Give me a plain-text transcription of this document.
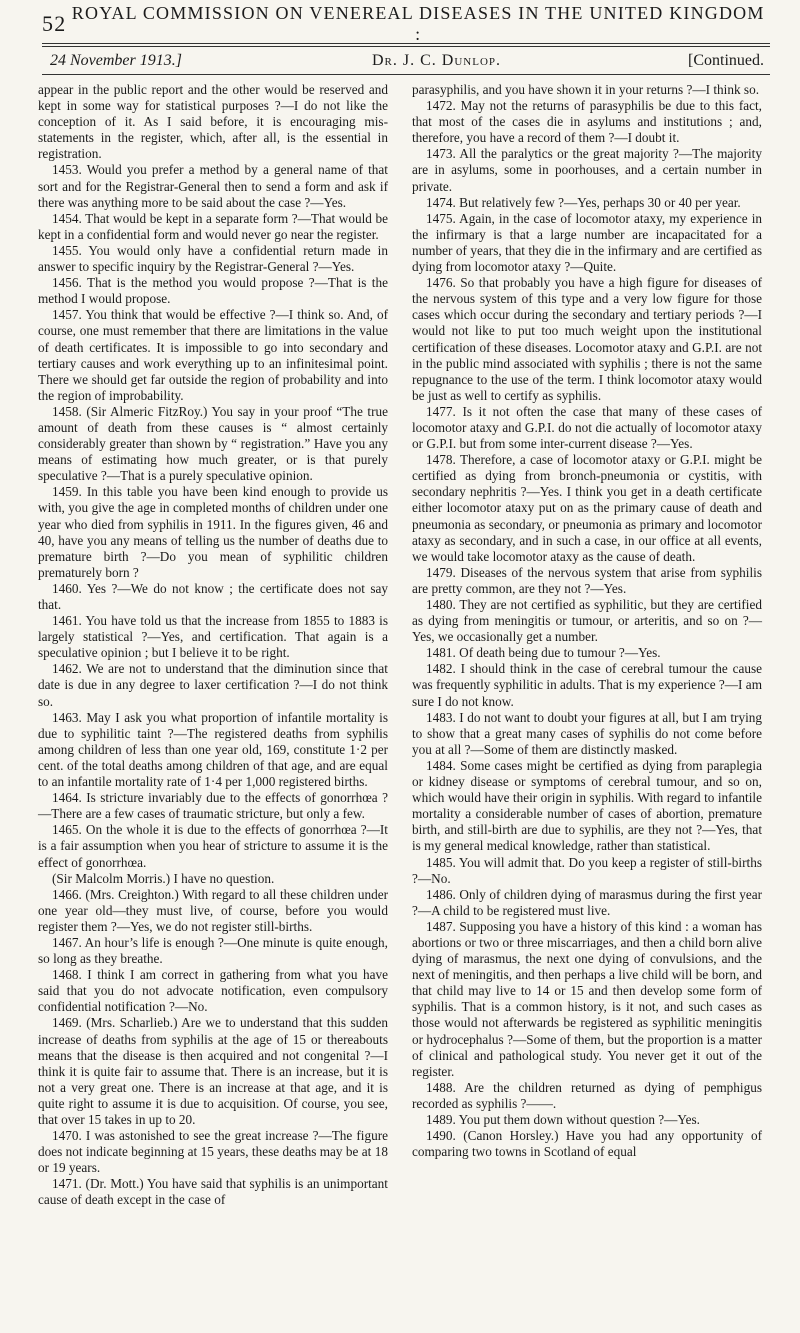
52 ROYAL COMMISSION ON VENEREAL DISEASES IN THE UNITED KINGDOM :
24 November 1913.]	Dr. J. C. Dunlop.	[Continued.

appear in the public report and the other would be reserved and kept in some way for statistical purposes ?—I do not like the conception of it. As I said before, it is encouraging mis-statements in the register, which, after all, is the essential in registration.

1453. Would you prefer a method by a general name of that sort and for the Registrar-General then to send a form and ask if there was anything more to be said about the case ?—Yes.

1454. That would be kept in a separate form ?—That would be kept in a confidential form and would never go near the register.

1455. You would only have a confidential return made in answer to specific inquiry by the Registrar-General ?—Yes.

1456. That is the method you would propose ?—That is the method I would propose.

1457. You think that would be effective ?—I think so. And, of course, one must remember that there are limitations in the value of death certificates. It is impossible to go into secondary and tertiary causes and work everything up to an infinitesimal point. There we should get far outside the region of probability and into the region of improbability.

1458. (Sir Almeric FitzRoy.) You say in your proof “The true amount of death from these causes is “ almost certainly considerably greater than shown by “ registration.” Have you any means of estimating how much greater, or is that purely speculative ?—That is a purely speculative opinion.

1459. In this table you have been kind enough to provide us with, you give the age in completed months of children under one year who died from syphilis in 1911. In the figures given, 46 and 40, have you any means of telling us the number of deaths due to premature birth ?—Do you mean of syphilitic children prematurely born ?

1460. Yes ?—We do not know ; the certificate does not say that.

1461. You have told us that the increase from 1855 to 1883 is largely statistical ?—Yes, and certification. That again is a speculative opinion ; but I believe it to be right.

1462. We are not to understand that the diminution since that date is due in any degree to laxer certification ?—I do not think so.

1463. May I ask you what proportion of infantile mortality is due to syphilitic taint ?—The registered deaths from syphilis among children of less than one year old, 169, constitute 1·2 per cent. of the total deaths among children of that age, and are equal to an infantile mortality rate of 1·4 per 1,000 registered births.

1464. Is stricture invariably due to the effects of gonorrhœa ?—There are a few cases of traumatic stricture, but only a few.

1465. On the whole it is due to the effects of gonorrhœa ?—It is a fair assumption when you hear of stricture to assume it is the effect of gonorrhœa.

(Sir Malcolm Morris.) I have no question.

1466. (Mrs. Creighton.) With regard to all these children under one year old—they must live, of course, before you would register them ?—Yes, we do not register still-births.

1467. An hour’s life is enough ?—One minute is quite enough, so long as they breathe.

1468. I think I am correct in gathering from what you have said that you do not advocate notification, even compulsory confidential notification ?—No.

1469. (Mrs. Scharlieb.) Are we to understand that this sudden increase of deaths from syphilis at the age of 15 or thereabouts means that the disease is then acquired and not congenital ?—I think it is quite fair to assume that. There is an increase, but it is not a very great one. There is an increase at that age, and it is quite right to assume it is due to acquisition. Of course, you see, that over 15 takes in up to 20.

1470. I was astonished to see the great increase ?—The figure does not indicate beginning at 15 years, these deaths may be at 18 or 19 years.

1471. (Dr. Mott.) You have said that syphilis is an unimportant cause of death except in the case of

parasyphilis, and you have shown it in your returns ?—I think so.

1472. May not the returns of parasyphilis be due to this fact, that most of the cases die in asylums and institutions ; and, therefore, you have a record of them ?—I doubt it.

1473. All the paralytics or the great majority ?—The majority are in asylums, some in poorhouses, and a certain number in private.

1474. But relatively few ?—Yes, perhaps 30 or 40 per year.

1475. Again, in the case of locomotor ataxy, my experience in the infirmary is that a large number are incapacitated for a number of years, that they die in the infirmary and are certified as dying from locomotor ataxy ?—Quite.

1476. So that probably you have a high figure for diseases of the nervous system of this type and a very low figure for those cases which occur during the secondary and tertiary periods ?—I would not like to put too much weight upon the institutional certification of these diseases. Locomotor ataxy and G.P.I. are not in the public mind associated with syphilis ; there is not the same repugnance to the use of the term. I think locomotor ataxy would be just as well to certify as syphilis.

1477. Is it not often the case that many of these cases of locomotor ataxy and G.P.I. do not die actually of locomotor ataxy or G.P.I. but from some inter-current disease ?—Yes.

1478. Therefore, a case of locomotor ataxy or G.P.I. might be certified as dying from bronch-pneumonia or cystitis, with secondary nephritis ?—Yes. I think you get in a death certificate either locomotor ataxy put on as the primary cause of death and pneumonia as secondary, or pneumonia as primary and locomotor ataxy as secondary, and in such a case, in our office at all events, we would take locomotor ataxy as the cause of death.

1479. Diseases of the nervous system that arise from syphilis are pretty common, are they not ?—Yes.

1480. They are not certified as syphilitic, but they are certified as dying from meningitis or tumour, or arteritis, and so on ?—Yes, we occasionally get a number.

1481. Of death being due to tumour ?—Yes.

1482. I should think in the case of cerebral tumour the cause was frequently syphilitic in adults. That is my experience ?—I am sure I do not know.

1483. I do not want to doubt your figures at all, but I am trying to show that a great many cases of syphilis do not come before you at all ?—Some of them are distinctly masked.

1484. Some cases might be certified as dying from paraplegia or kidney disease or symptoms of cerebral tumour, and so on, which would have their origin in syphilis. With regard to infantile mortality a considerable number of cases of abortion, premature birth, and still-birth are due to syphilis, are they not ?—Yes, that is my general medical knowledge, rather than statistical.

1485. You will admit that. Do you keep a register of still-births ?—No.

1486. Only of children dying of marasmus during the first year ?—A child to be registered must live.

1487. Supposing you have a history of this kind : a woman has abortions or two or three miscarriages, and then a child born alive dying of marasmus, the next one dying of convulsions, and the next of meningitis, and then perhaps a live child will be born, and that child may live to 14 or 15 and then develop some form of syphilis. That is a common history, is it not, and such cases as those would not afterwards be registered as syphilitic meningitis or hydrocephalus ?—Some of them, but the proportion is a matter of clinical and pathological study. You never get it out of the register.

1488. Are the children returned as dying of pemphigus recorded as syphilis ?——.

1489. You put them down without question ?—Yes.

1490. (Canon Horsley.) Have you had any opportunity of comparing two towns in Scotland of equal
